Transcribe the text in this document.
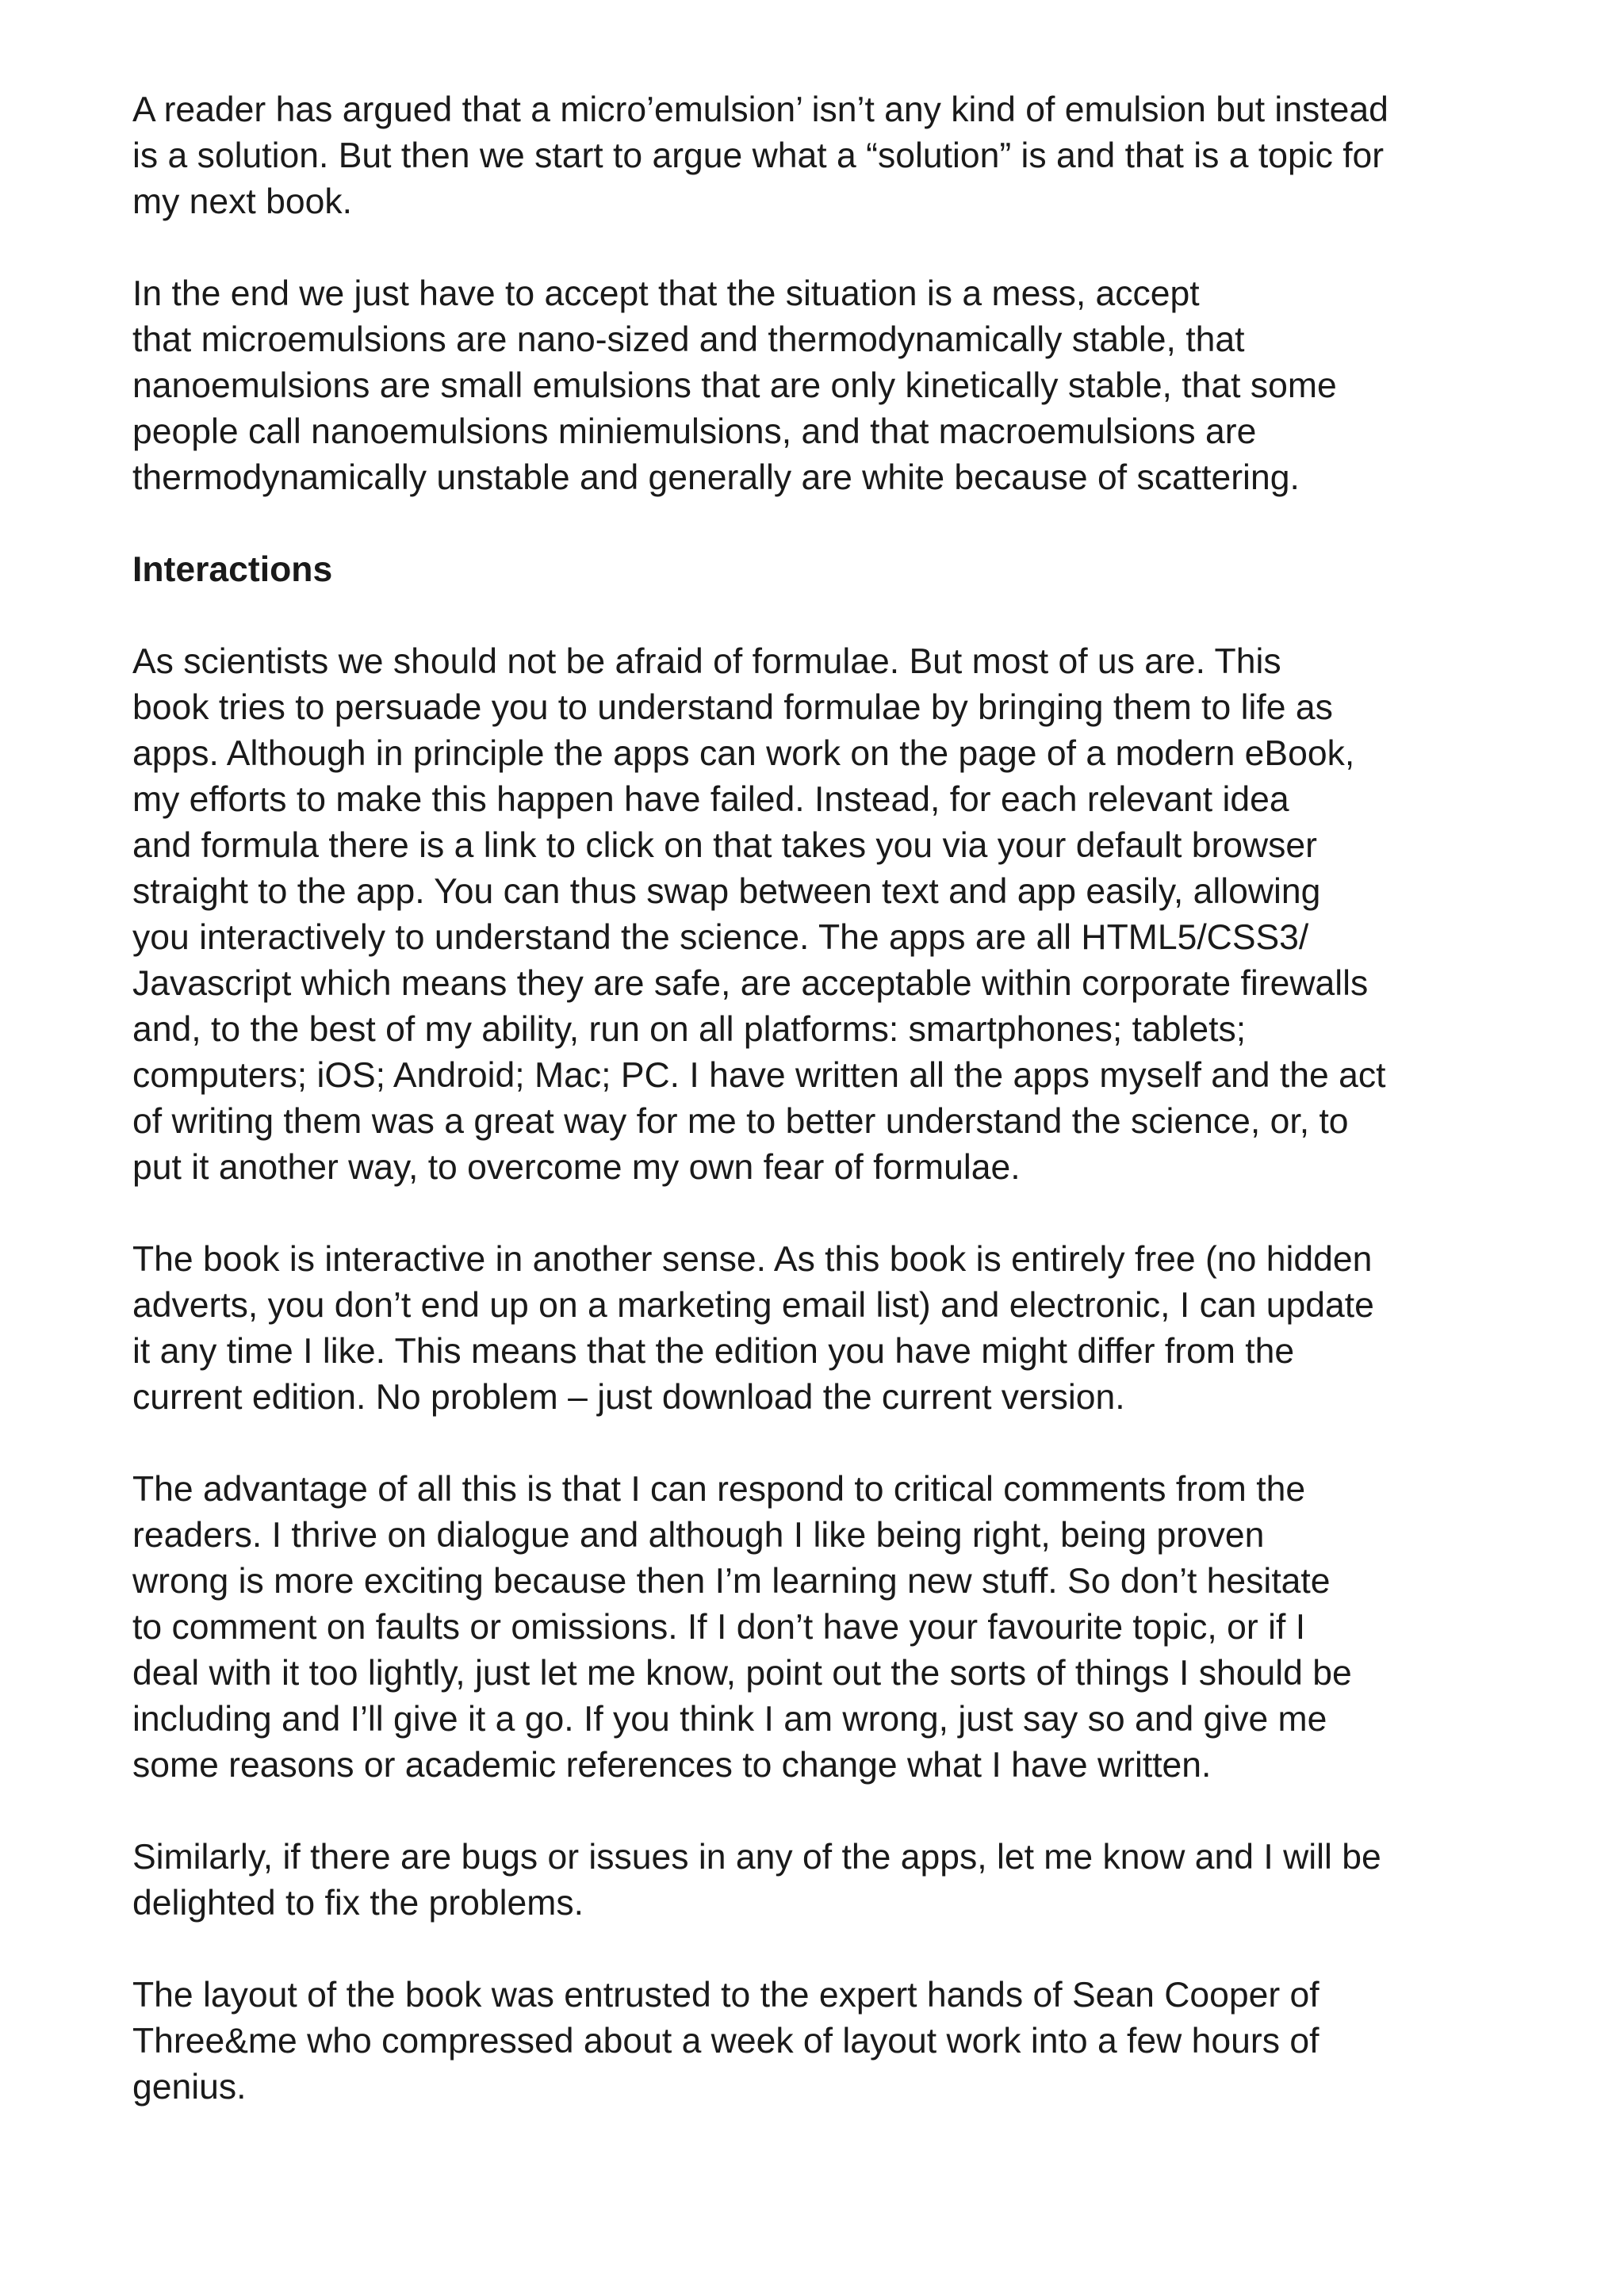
A reader has argued that a micro’emulsion’ isn’t any kind of emulsion but instead
is a solution. But then we start to argue what a “solution” is and that is a topic for
my next book.

In the end we just have to accept that the situation is a mess, accept
that microemulsions are nano-sized and thermodynamically stable, that
nanoemulsions are small emulsions that are only kinetically stable, that some
people call nanoemulsions miniemulsions, and that macroemulsions are
thermodynamically unstable and generally are white because of scattering.

Interactions

As scientists we should not be afraid of formulae. But most of us are. This
book tries to persuade you to understand formulae by bringing them to life as
apps. Although in principle the apps can work on the page of a modern eBook,
my efforts to make this happen have failed. Instead, for each relevant idea
and formula there is a link to click on that takes you via your default browser
straight to the app. You can thus swap between text and app easily, allowing
you interactively to understand the science. The apps are all HTML5/CSS3/
Javascript which means they are safe, are acceptable within corporate firewalls
and, to the best of my ability, run on all platforms: smartphones; tablets;
computers; iOS; Android; Mac; PC. I have written all the apps myself and the act
of writing them was a great way for me to better understand the science, or, to
put it another way, to overcome my own fear of formulae.

The book is interactive in another sense. As this book is entirely free (no hidden
adverts, you don’t end up on a marketing email list) and electronic, I can update
it any time I like. This means that the edition you have might differ from the
current edition. No problem – just download the current version.

The advantage of all this is that I can respond to critical comments from the
readers. I thrive on dialogue and although I like being right, being proven
wrong is more exciting because then I’m learning new stuff. So don’t hesitate
to comment on faults or omissions. If I don’t have your favourite topic, or if I
deal with it too lightly, just let me know, point out the sorts of things I should be
including and I’ll give it a go. If you think I am wrong, just say so and give me
some reasons or academic references to change what I have written.

Similarly, if there are bugs or issues in any of the apps, let me know and I will be
delighted to fix the problems.

The layout of the book was entrusted to the expert hands of Sean Cooper of
Three&me who compressed about a week of layout work into a few hours of
genius.
